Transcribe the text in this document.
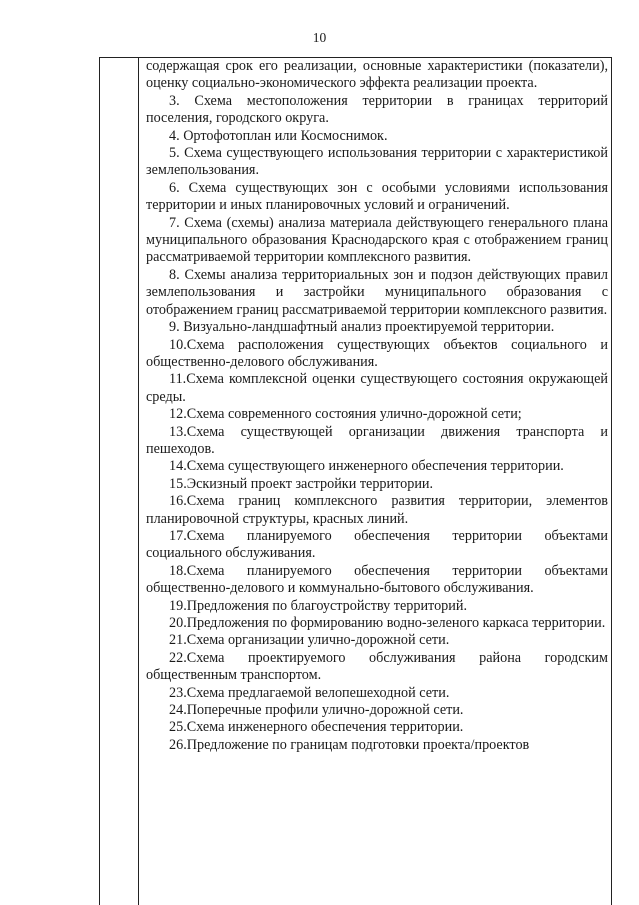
10

содержащая срок его реализации, основные характеристики (показатели), оценку социально-экономического эффекта реализации проекта.

3. Схема местоположения территории в границах территорий поселения, городского округа.

4. Ортофотоплан или Космоснимок.

5. Схема существующего использования территории с характеристикой землепользования.

6. Схема существующих зон с особыми условиями использования территории и иных планировочных условий и ограничений.

7. Схема (схемы) анализа материала действующего генерального плана муниципального образования Краснодарского края с отображением границ рассматриваемой территории комплексного развития.

8. Схемы анализа территориальных зон и подзон действующих правил землепользования и застройки муниципального образования с отображением границ рассматриваемой территории комплексного развития.

9. Визуально-ландшафтный анализ проектируемой территории.

10.Схема расположения существующих объектов социального и общественно-делового обслуживания.

11.Схема комплексной оценки существующего состояния окружающей среды.

12.Схема современного состояния улично-дорожной сети;

13.Схема существующей организации движения транспорта и пешеходов.

14.Схема существующего инженерного обеспечения территории.

15.Эскизный проект застройки территории.

16.Схема границ комплексного развития территории, элементов планировочной структуры, красных линий.

17.Схема планируемого обеспечения территории объектами социального обслуживания.

18.Схема планируемого обеспечения территории объектами общественно-делового и коммунально-бытового обслуживания.

19.Предложения по благоустройству территорий.

20.Предложения по формированию водно-зеленого каркаса территории.

21.Схема организации улично-дорожной сети.

22.Схема проектируемого обслуживания района городским общественным транспортом.

23.Схема предлагаемой велопешеходной сети.

24.Поперечные профили улично-дорожной сети.

25.Схема инженерного обеспечения территории.

26.Предложение по границам подготовки проекта/проектов
